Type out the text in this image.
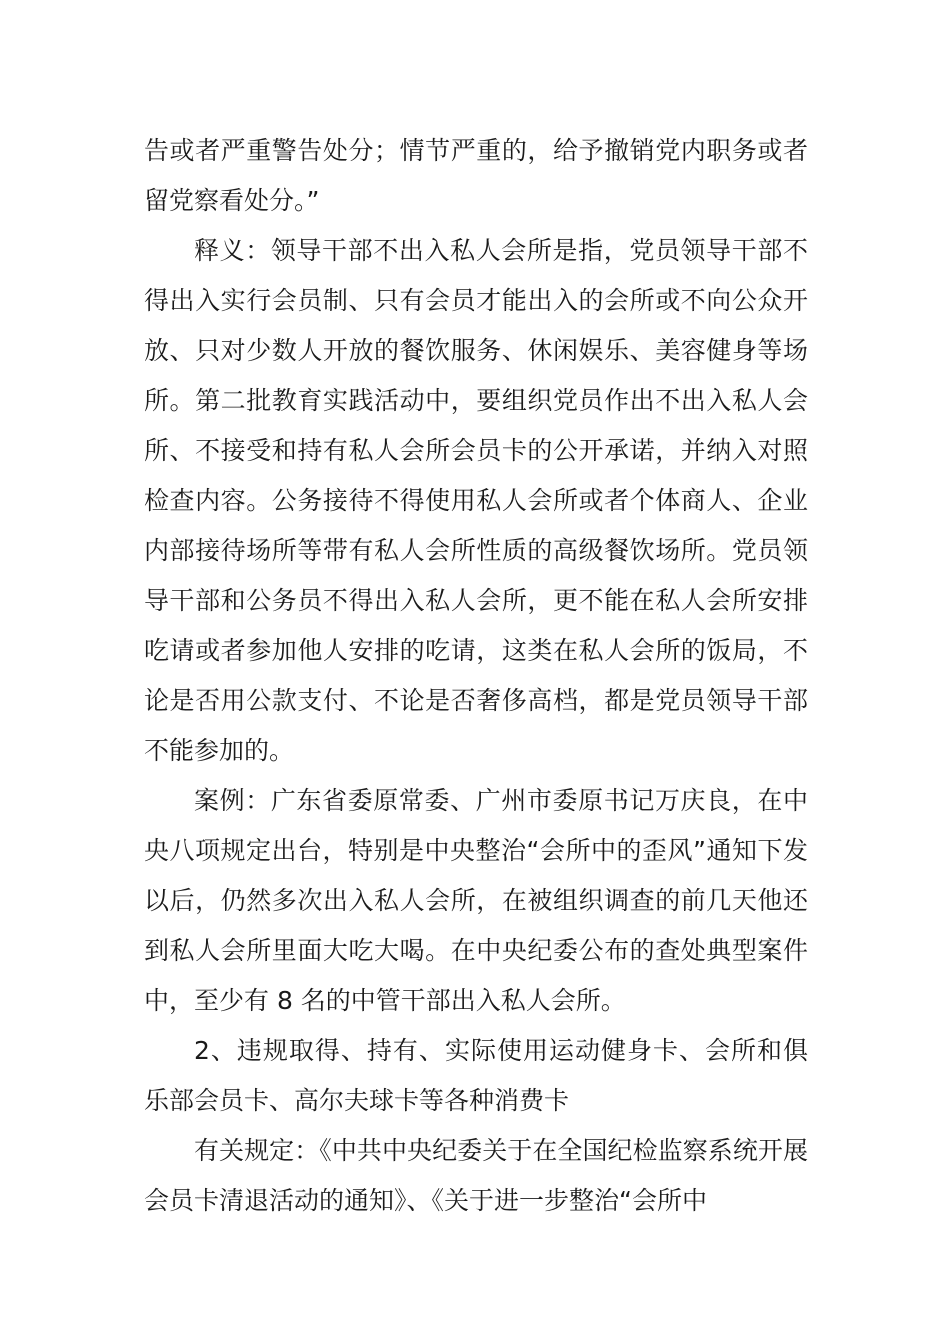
告或者严重警告处分；情节严重的，给予撤销党内职务或者留党察看处分。”

释义：领导干部不出入私人会所是指，党员领导干部不得出入实行会员制、只有会员才能出入的会所或不向公众开放、只对少数人开放的餐饮服务、休闲娱乐、美容健身等场所。第二批教育实践活动中，要组织党员作出不出入私人会所、不接受和持有私人会所会员卡的公开承诺，并纳入对照检查内容。公务接待不得使用私人会所或者个体商人、企业内部接待场所等带有私人会所性质的高级餐饮场所。党员领导干部和公务员不得出入私人会所，更不能在私人会所安排吃请或者参加他人安排的吃请，这类在私人会所的饭局，不论是否用公款支付、不论是否奢侈高档，都是党员领导干部不能参加的。

案例：广东省委原常委、广州市委原书记万庆良，在中央八项规定出台，特别是中央整治“会所中的歪风”通知下发以后，仍然多次出入私人会所，在被组织调查的前几天他还到私人会所里面大吃大喝。在中央纪委公布的查处典型案件中，至少有 8 名的中管干部出入私人会所。

2、违规取得、持有、实际使用运动健身卡、会所和俱乐部会员卡、高尔夫球卡等各种消费卡

有关规定：《中共中央纪委关于在全国纪检监察系统开展会员卡清退活动的通知》、《关于进一步整治“会所中
